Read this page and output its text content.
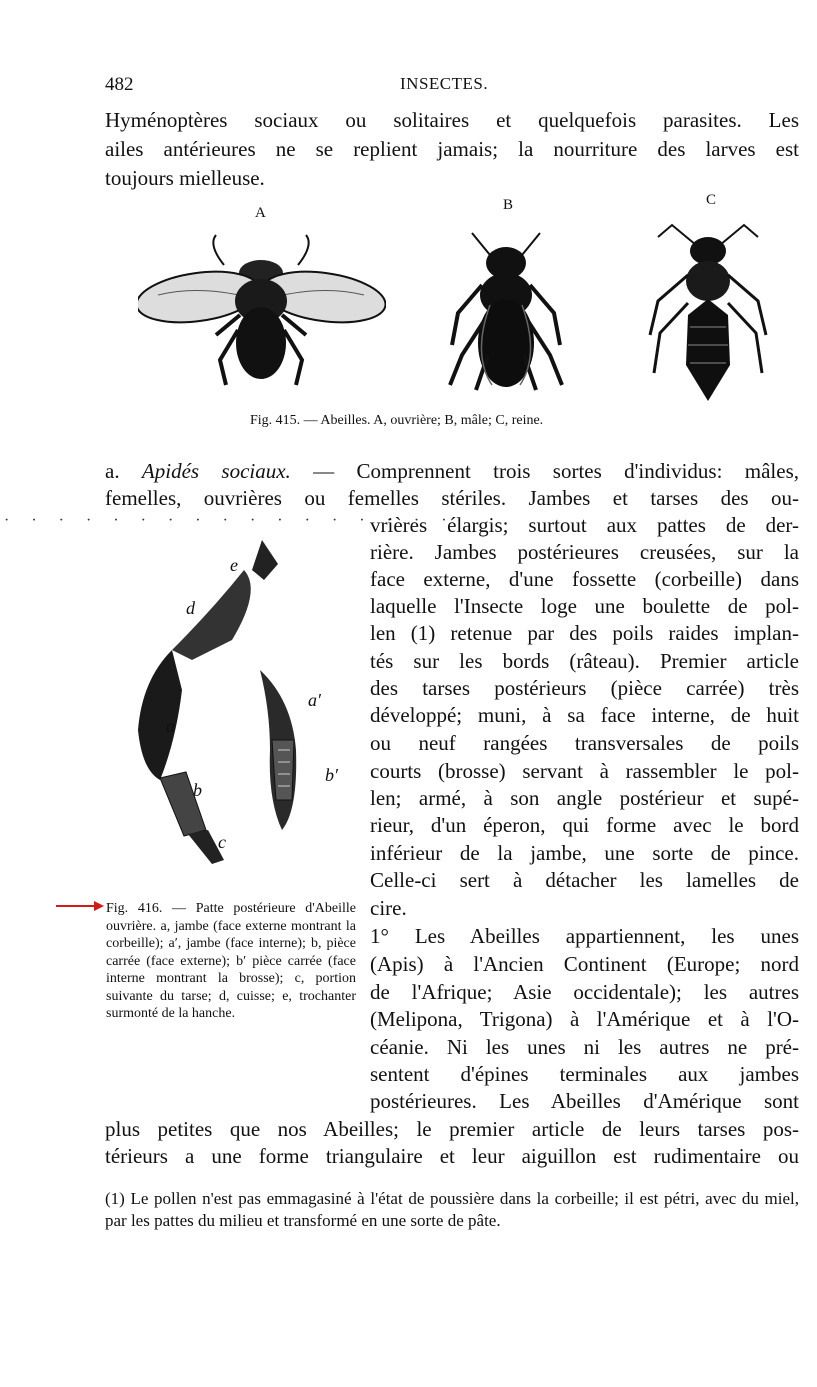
482	INSECTES.
Hyménoptères sociaux ou solitaires et quelquefois parasites. Les
ailes antérieures ne se replient jamais; la nourriture des larves est
toujours mielleuse.
A	B	C
Fig. 415. — Abeilles. A, ouvrière; B, mâle; C, reine.
a. Apidés sociaux. — Comprennent trois sortes d'individus: mâles,
femelles, ouvrières ou femelles stériles. Jambes et tarses des ou-
· · · · · · · · · · · · · · · · ·
vrières élargis; surtout aux pattes de der-
rière. Jambes postérieures creusées, sur la
face externe, d'une fossette (corbeille) dans
laquelle l'Insecte loge une boulette de pol-
len (1) retenue par des poils raides implan-
tés sur les bords (râteau). Premier article
des tarses postérieurs (pièce carrée) très
développé; muni, à sa face interne, de huit
ou neuf rangées transversales de poils
courts (brosse) servant à rassembler le pol-
len; armé, à son angle postérieur et supé-
rieur, d'un éperon, qui forme avec le bord
inférieur de la jambe, une sorte de pince.
Celle-ci sert à détacher les lamelles de
cire.
1° Les Abeilles appartiennent, les unes
(Apis) à l'Ancien Continent (Europe; nord
de l'Afrique; Asie occidentale); les autres
(Melipona, Trigona) à l'Amérique et à l'O-
céanie. Ni les unes ni les autres ne pré-
sentent d'épines terminales aux jambes
postérieures. Les Abeilles d'Amérique sont
e
d
a
a′
b
b′
c
Fig. 416. — Patte postérieure d'Abeille ouvrière. a, jambe (face externe montrant la corbeille); a′, jambe (face interne); b, pièce carrée (face externe); b′ pièce carrée (face interne montrant la brosse); c, portion suivante du tarse; d, cuisse; e, trochanter surmonté de la hanche.
plus petites que nos Abeilles; le premier article de leurs tarses pos-
térieurs a une forme triangulaire et leur aiguillon est rudimentaire ou
(1) Le pollen n'est pas emmagasiné à l'état de poussière dans la corbeille; il est pétri, avec du miel, par les pattes du milieu et transformé en une sorte de pâte.
